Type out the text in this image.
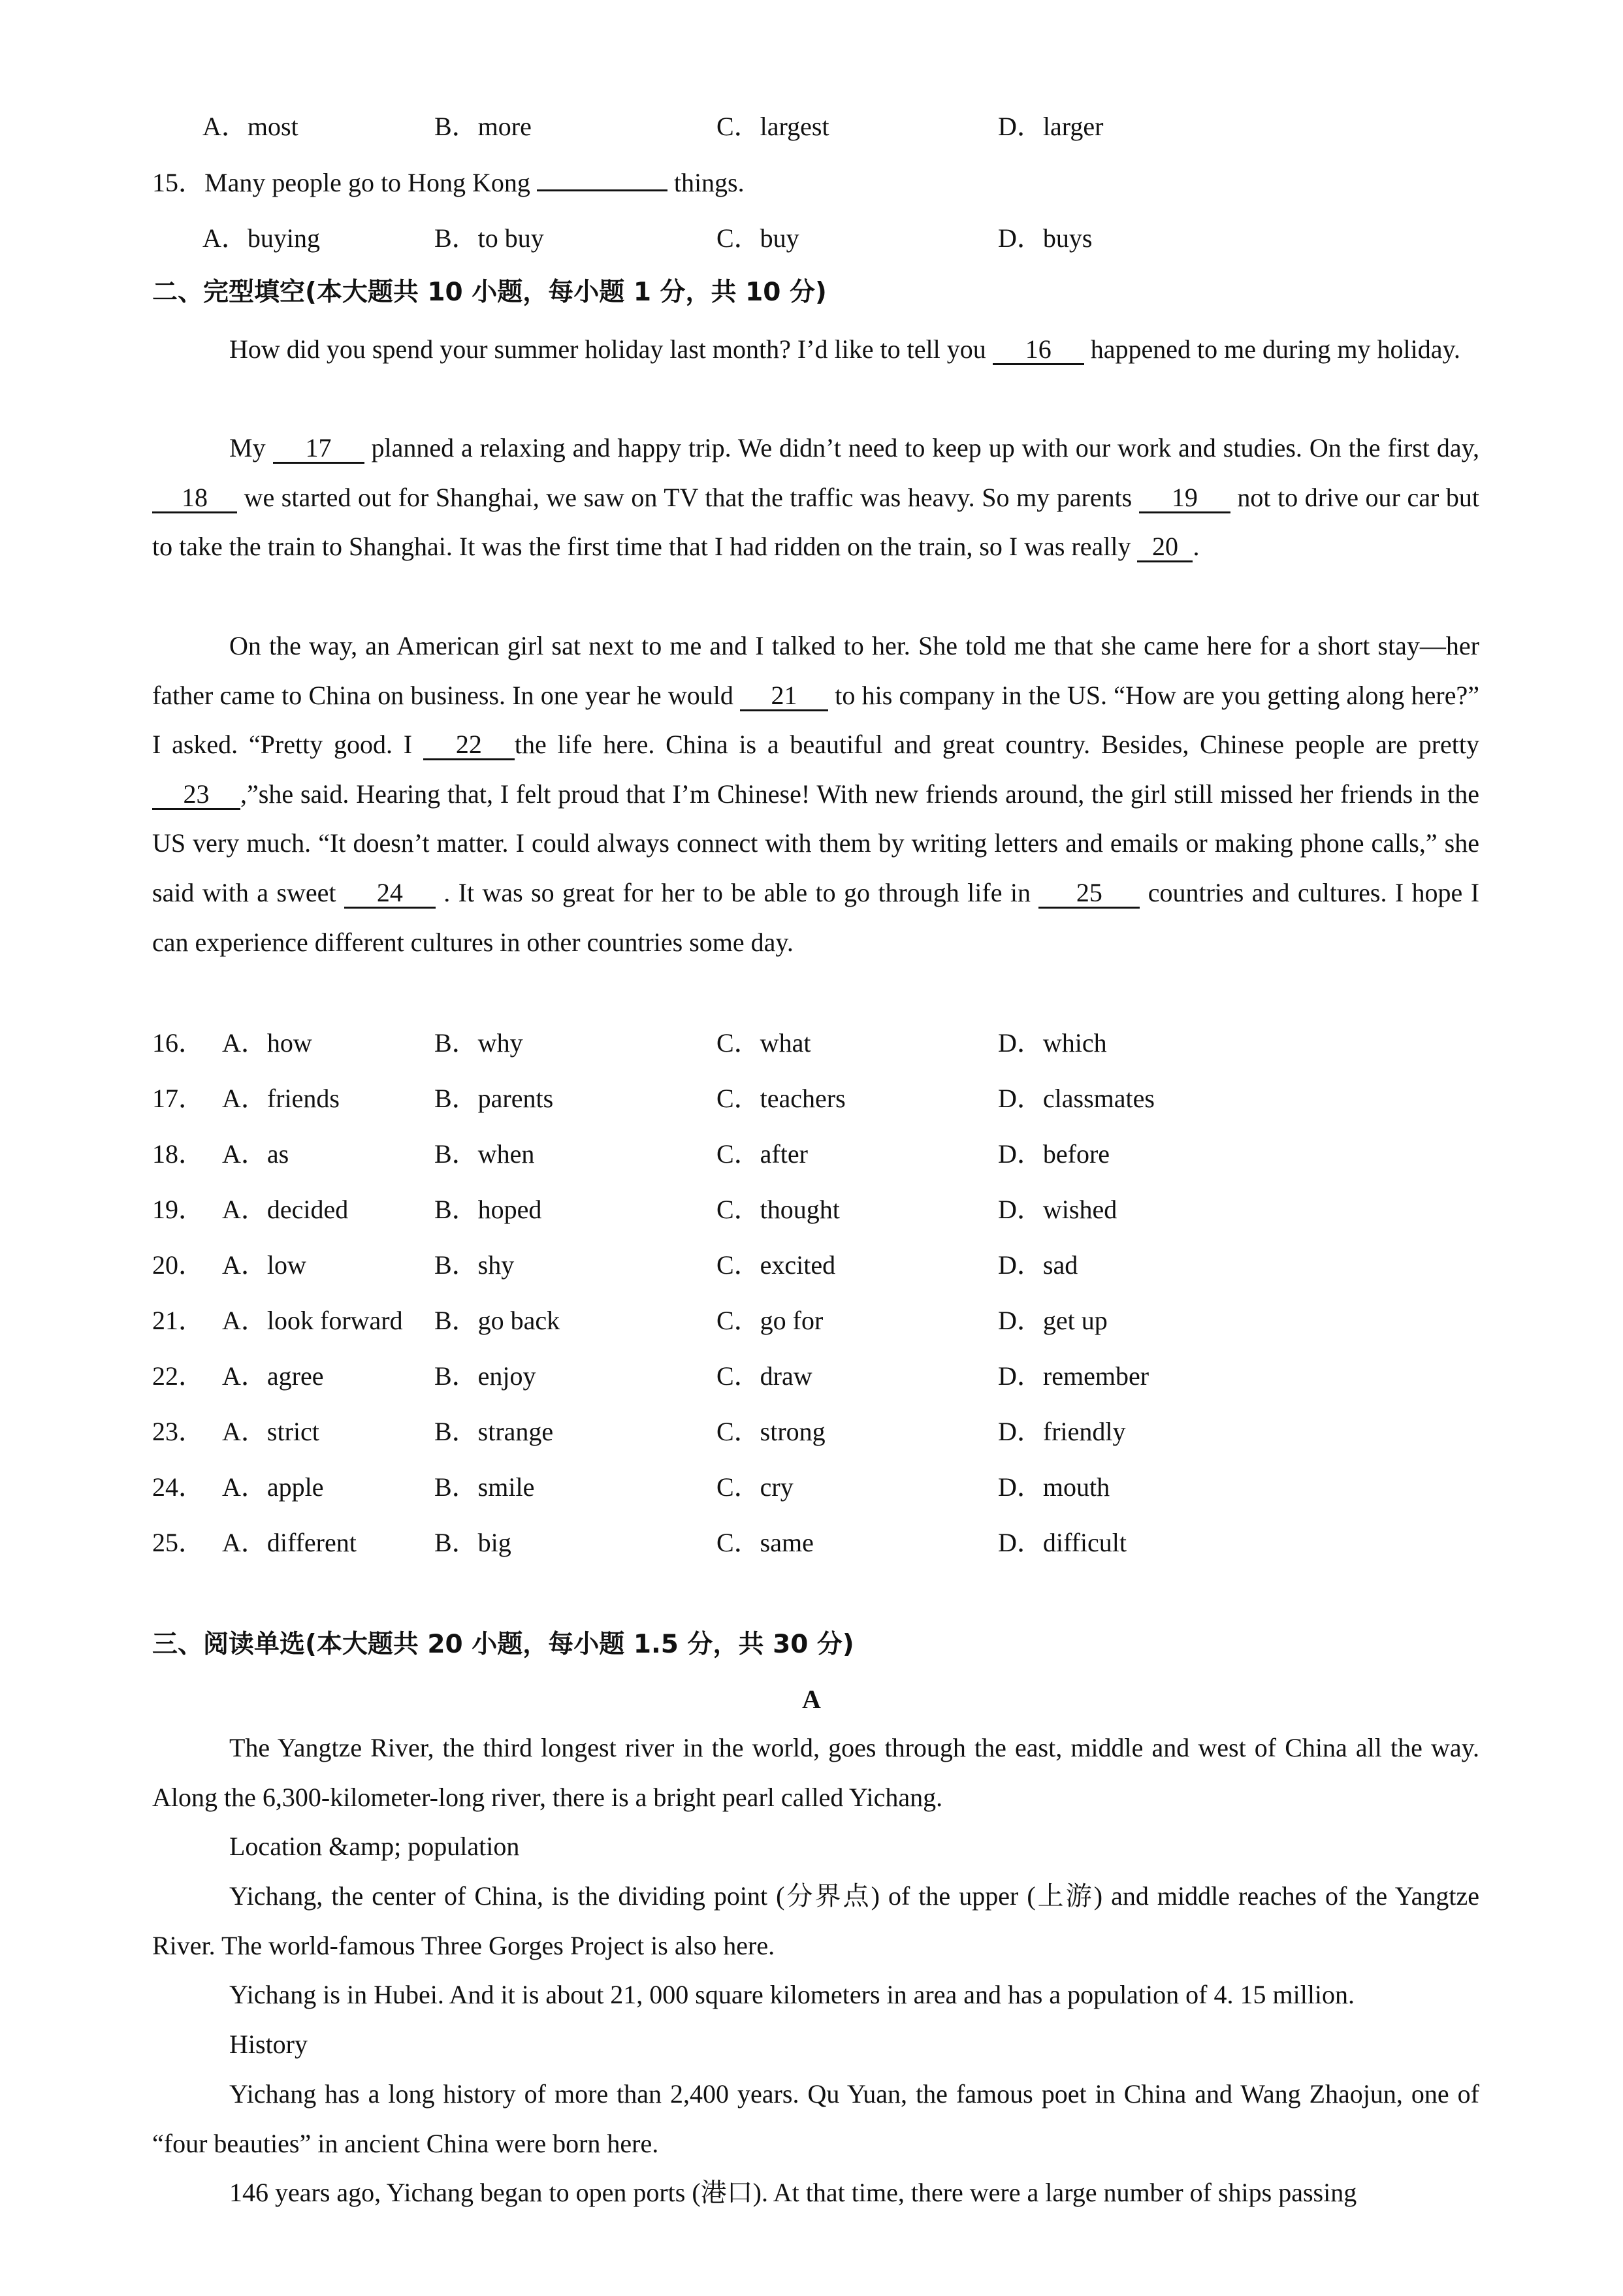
A．most	B．more	C．largest	D．larger
15．Many people go to Hong Kong	things.
A．buying	B．to buy	C．buy	D．buys
二、完型填空(本大题共 10 小题，每小题 1 分，共 10 分)
How did you spend your summer holiday last month? I’d like to tell you 16 happened to me during my holiday.
My 17 planned a relaxing and happy trip. We didn’t need to keep up with our work and studies. On the first day, 18 we started out for Shanghai, we saw on TV that the traffic was heavy. So my parents 19 not to drive our car but to take the train to Shanghai. It was the first time that I had ridden on the train, so I was really 20 .
On the way, an American girl sat next to me and I talked to her. She told me that she came here for a short stay—her father came to China on business. In one year he would 21 to his company in the US. “How are you getting along here?” I asked. “Pretty good. I 22 the life here. China is a beautiful and great country. Besides, Chinese people are pretty 23 ,”she said. Hearing that, I felt proud that I’m Chinese! With new friends around, the girl still missed her friends in the US very much. “It doesn’t matter. I could always connect with them by writing letters and emails or making phone calls,” she said with a sweet 24 . It was so great for her to be able to go through life in 25 countries and cultures. I hope I can experience different cultures in other countries some day.
16． A．how	B．why	C．what	D．which
17． A．friends	B．parents	C．teachers	D．classmates
18． A．as	B．when	C．after	D．before
19． A．decided	B．hoped	C．thought	D．wished
20． A．low	B．shy	C．excited	D．sad
21． A．look forward B．go back	C．go for	D．get up
22． A．agree	B．enjoy	C．draw	D．remember
23． A．strict	B．strange	C．strong	D．friendly
24． A．apple	B．smile	C．cry	D．mouth
25． A．different	B．big	C．same	D．difficult
三、阅读单选(本大题共 20 小题，每小题 1.5 分，共 30 分)
A
The Yangtze River, the third longest river in the world, goes through the east, middle and west of China all the way. Along the 6,300-kilometer-long river, there is a bright pearl called Yichang.
Location &amp; population
Yichang, the center of China, is the dividing point (分界点) of the upper (上游) and middle reaches of the Yangtze River. The world-famous Three Gorges Project is also here.
Yichang is in Hubei. And it is about 21, 000 square kilometers in area and has a population of 4. 15 million.
History
Yichang has a long history of more than 2,400 years. Qu Yuan, the famous poet in China and Wang Zhaojun, one of “four beauties” in ancient China were born here.
146 years ago, Yichang began to open ports (港口). At that time, there were a large number of ships passing
